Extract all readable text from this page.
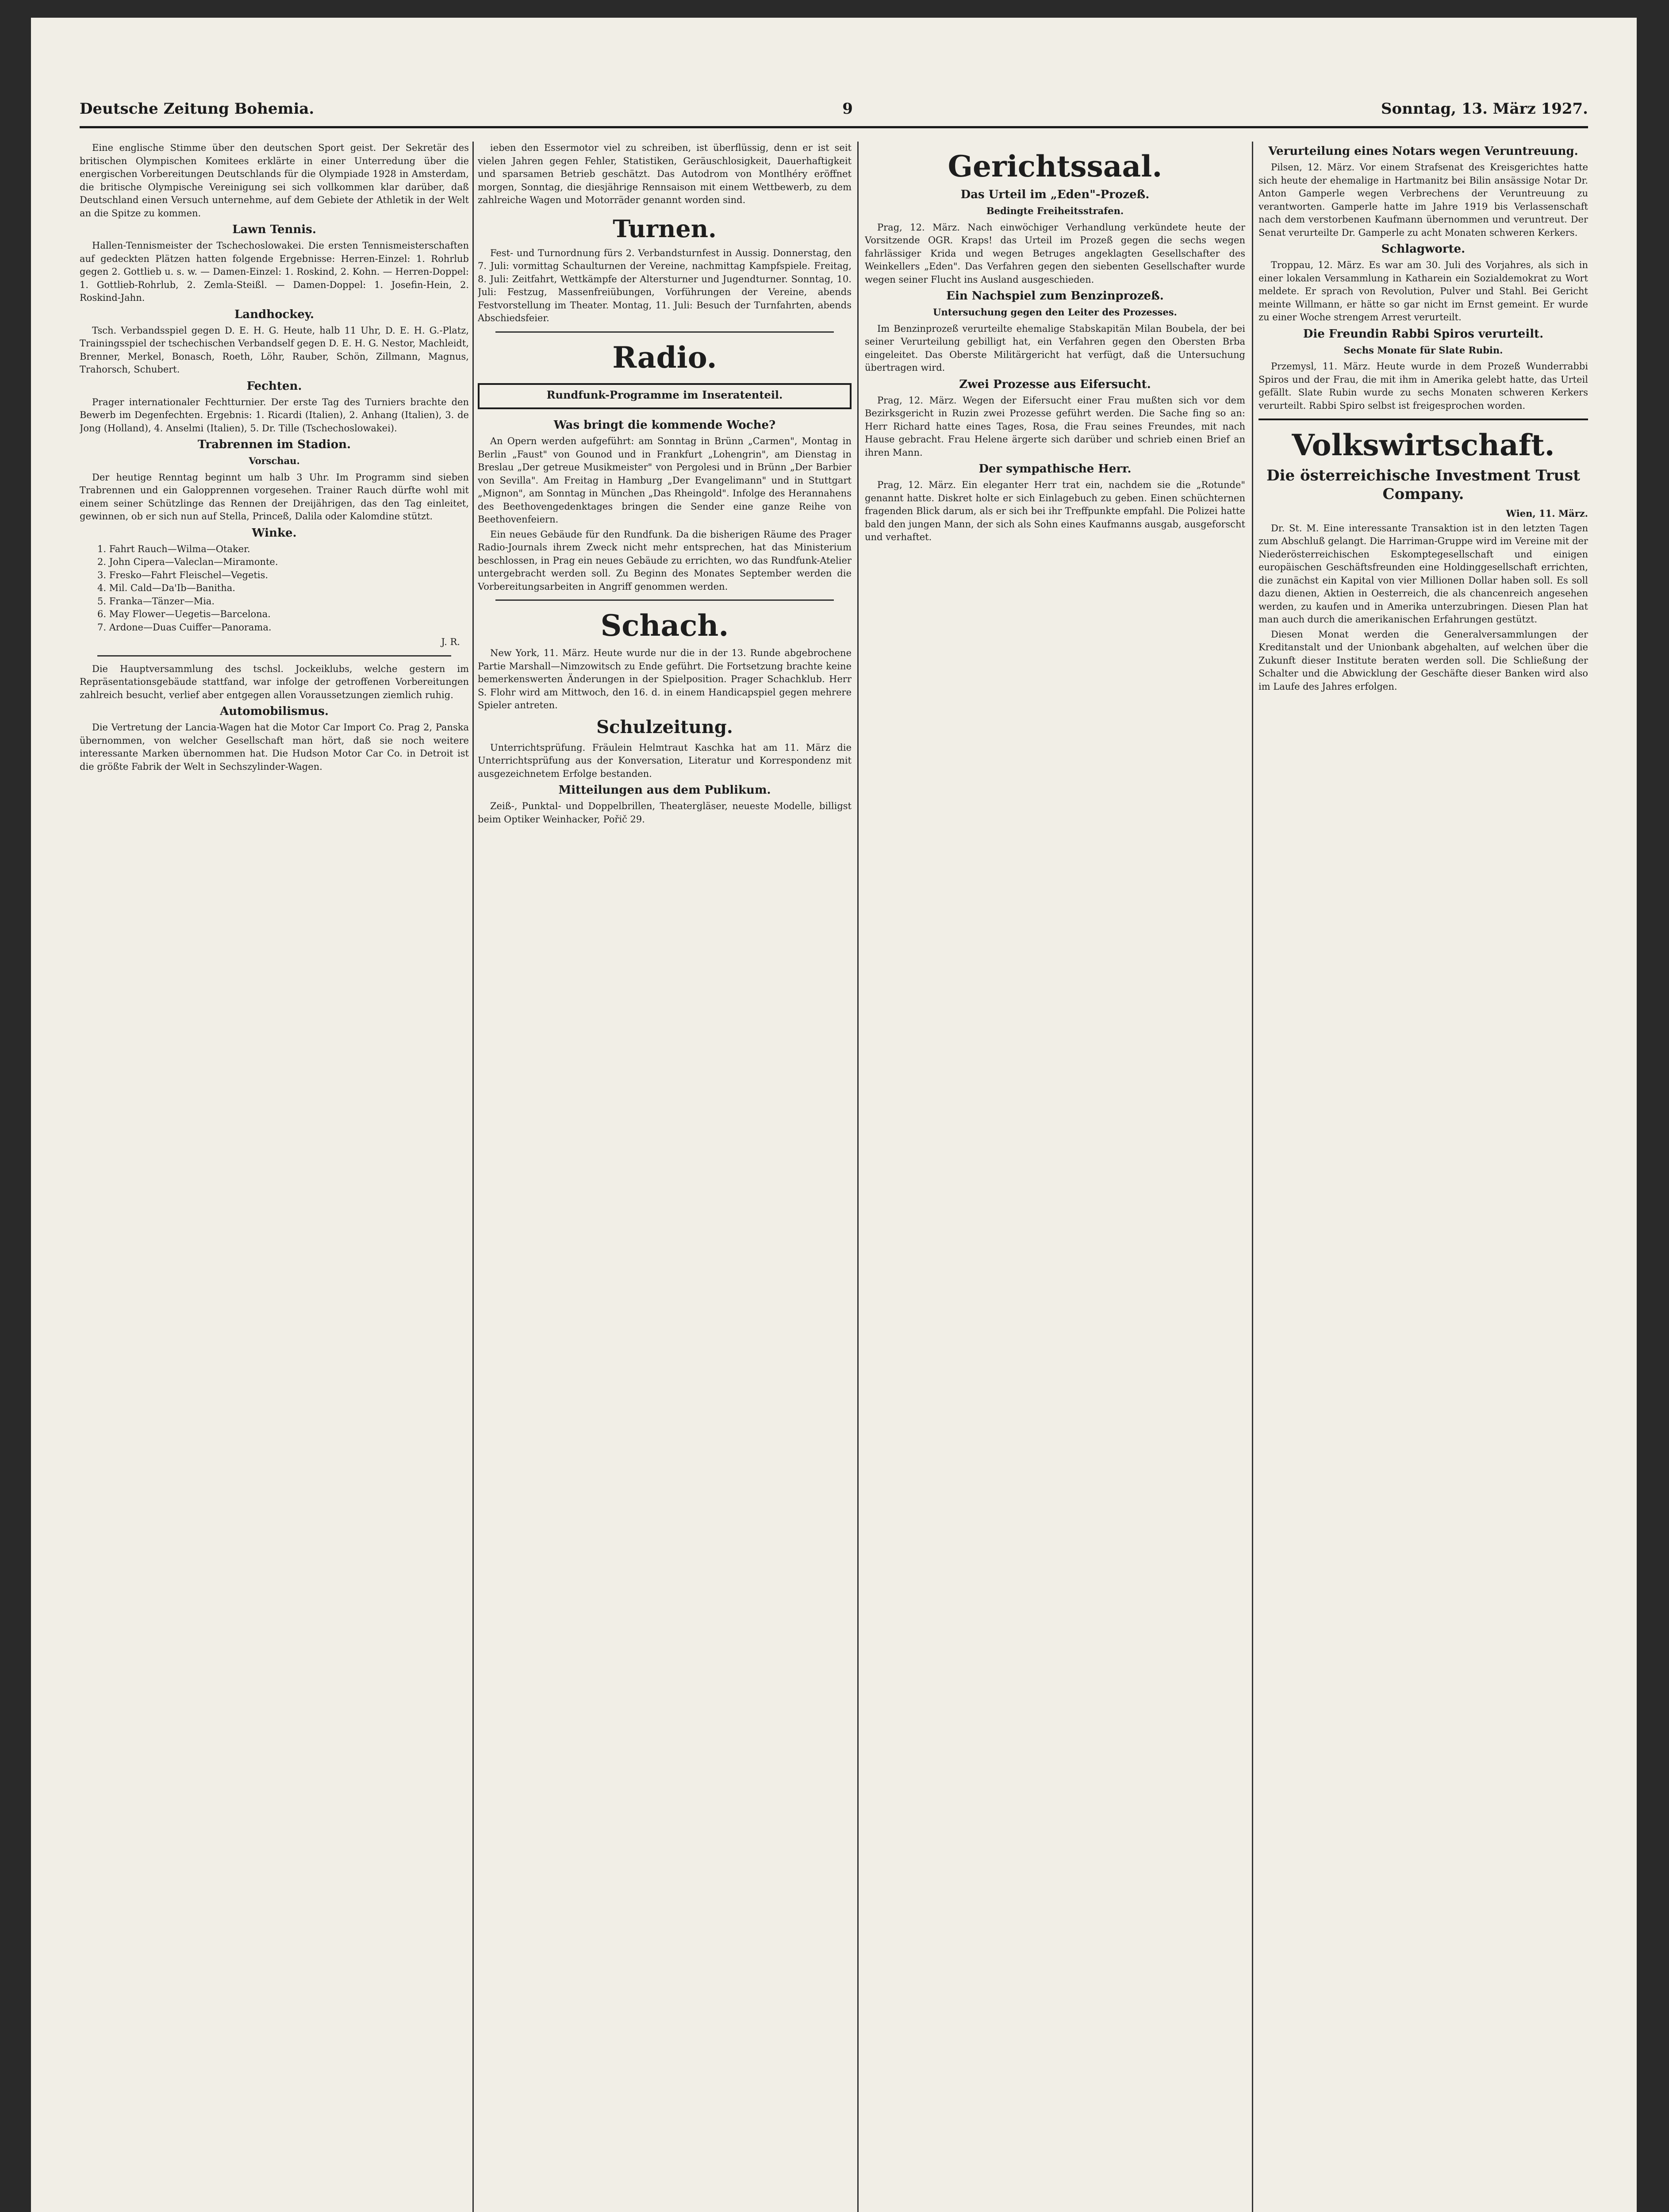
Deutsche Zeitung Bohemia.	9	Sonntag, 13. März 1927.

Eine englische Stimme über den deutschen Sport geist. Der Sekretär des britischen Olympischen Komitees erklärte in einer Unterredung über die energischen Vorbereitungen Deutschlands für die Olympiade 1928 in Amsterdam, die britische Olympische Vereinigung sei sich vollkommen klar darüber, daß Deutschland einen Versuch unternehme, auf dem Gebiete der Athletik in der Welt an die Spitze zu kommen.

Lawn Tennis.

Hallen-Tennismeister der Tschechoslowakei. Die ersten Tennismeisterschaften auf gedeckten Plätzen hatten folgende Ergebnisse: Herren-Einzel: 1. Rohrlub gegen 2. Gottlieb u. s. w. — Damen-Einzel: 1. Roskind, 2. Kohn. — Herren-Doppel: 1. Gottlieb-Rohrlub, 2. Zemla-Steißl. — Damen-Doppel: 1. Josefin-Hein, 2. Roskind-Jahn.

Landhockey.

Tsch. Verbandsspiel gegen D. E. H. G. Heute, halb 11 Uhr, D. E. H. G.-Platz, Trainingsspiel der tschechischen Verbandself gegen D. E. H. G. Nestor, Machleidt, Brenner, Merkel, Bonasch, Roeth, Löhr, Rauber, Schön, Zillmann, Magnus, Trahorsch, Schubert.

Fechten.

Prager internationaler Fechtturnier. Der erste Tag des Turniers brachte den Bewerb im Degenfechten. Ergebnis: 1. Ricardi (Italien), 2. Anhang (Italien), 3. de Jong (Holland), 4. Anselmi (Italien), 5. Dr. Tille (Tschechoslowakei).

Trabrennen im Stadion.
Vorschau.

Der heutige Renntag beginnt um halb 3 Uhr. Im Programm sind sieben Trabrennen und ein Galopprennen vorgesehen. Trainer Rauch dürfte wohl mit einem seiner Schützlinge das Rennen der Dreijährigen, das den Tag einleitet, gewinnen, ob er sich nun auf Stella, Princeß, Dalila oder Kalomdine stützt.

Winke.
1. Fahrt Rauch—Wilma—Otaker.
2. John Cipera—Valeclan—Miramonte.
3. Fresko—Fahrt Fleischel—Vegetis.
4. Mil. Cald—Da'Ib—Banitha.
5. Franka—Tänzer—Mia.
6. May Flower—Uegetis—Barcelona.
7. Ardone—Duas Cuiffer—Panorama.
J. R.

Die Hauptversammlung des tschsl. Jockeiklubs, welche gestern im Repräsentationsgebäude stattfand, war infolge der getroffenen Vorbereitungen zahlreich besucht, verlief aber entgegen allen Voraussetzungen ziemlich ruhig.

Automobilismus.

Die Vertretung der Lancia-Wagen hat die Motor Car Import Co. Prag 2, Panska übernommen, von welcher Gesellschaft man hört, daß sie noch weitere interessante Marken übernommen hat. Die Hudson Motor Car Co. in Detroit ist die größte Fabrik der Welt in Sechszylinder-Wagen.

ieben den Essermotor viel zu schreiben, ist überflüssig, denn er ist seit vielen Jahren gegen Fehler, Statistiken, Geräuschlosigkeit, Dauerhaftigkeit und sparsamen Betrieb geschätzt. Das Autodrom von Montlhéry eröffnet morgen, Sonntag, die diesjährige Rennsaison mit einem Wettbewerb, zu dem zahlreiche Wagen und Motorräder genannt worden sind.

Turnen.

Fest- und Turnordnung fürs 2. Verbandsturnfest in Aussig. Donnerstag, den 7. Juli: vormittag Schaulturnen der Vereine, nachmittag Kampfspiele. Freitag, 8. Juli: Zeitfahrt, Wettkämpfe der Altersturner und Jugendturner. Sonntag, 10. Juli: Festzug, Massenfreiübungen, Vorführungen der Vereine, abends Festvorstellung im Theater. Montag, 11. Juli: Besuch der Turnfahrten, abends Abschiedsfeier.

Radio.
Rundfunk-Programme im Inseratenteil.
Was bringt die kommende Woche?

An Opern werden aufgeführt: am Sonntag in Brünn „Carmen", Montag in Berlin „Faust" von Gounod und in Frankfurt „Lohengrin", am Dienstag in Breslau „Der getreue Musikmeister" von Pergolesi und in Brünn „Der Barbier von Sevilla". Am Freitag in Hamburg „Der Evangelimann" und in Stuttgart „Mignon", am Sonntag in München „Das Rheingold". Infolge des Herannahens des Beethovengedenktages bringen die Sender eine ganze Reihe von Beethovenfeiern.

Ein neues Gebäude für den Rundfunk. Da die bisherigen Räume des Prager Radio-Journals ihrem Zweck nicht mehr entsprechen, hat das Ministerium beschlossen, in Prag ein neues Gebäude zu errichten, wo das Rundfunk-Atelier untergebracht werden soll. Zu Beginn des Monates September werden die Vorbereitungsarbeiten in Angriff genommen werden.

Schach.

New York, 11. März. Heute wurde nur die in der 13. Runde abgebrochene Partie Marshall—Nimzowitsch zu Ende geführt. Die Fortsetzung brachte keine bemerkenswerten Änderungen in der Spielposition. Prager Schachklub. Herr S. Flohr wird am Mittwoch, den 16. d. in einem Handicapspiel gegen mehrere Spieler antreten.

Schulzeitung.

Unterrichtsprüfung. Fräulein Helmtraut Kaschka hat am 11. März die Unterrichtsprüfung aus der Konversation, Literatur und Korrespondenz mit ausgezeichnetem Erfolge bestanden.

Mitteilungen aus dem Publikum.

Zeiß-, Punktal- und Doppelbrillen, Theatergläser, neueste Modelle, billigst beim Optiker Weinhacker, Pořič 29.

Gerichtssaal.
Das Urteil im „Eden"-Prozeß.
Bedingte Freiheitsstrafen.

Prag, 12. März. Nach einwöchiger Verhandlung verkündete heute der Vorsitzende OGR. Kraps! das Urteil im Prozeß gegen die sechs wegen fahrlässiger Krida und wegen Betruges angeklagten Gesellschafter des Weinkellers „Eden". Das Verfahren gegen den siebenten Gesellschafter wurde wegen seiner Flucht ins Ausland ausgeschieden.

Ein Nachspiel zum Benzinprozeß.
Untersuchung gegen den Leiter des Prozesses.

Im Benzinprozeß verurteilte ehemalige Stabskapitän Milan Boubela, der bei seiner Verurteilung gebilligt hat, ein Verfahren gegen den Obersten Brba eingeleitet. Das Oberste Militärgericht hat verfügt, daß die Untersuchung übertragen wird.

Zwei Prozesse aus Eifersucht.

Prag, 12. März. Wegen der Eifersucht einer Frau mußten sich vor dem Bezirksgericht in Ruzin zwei Prozesse geführt werden. Die Sache fing so an: Herr Richard hatte eines Tages, Rosa, die Frau seines Freundes, mit nach Hause gebracht. Frau Helene ärgerte sich darüber und schrieb einen Brief an ihren Mann.

Der sympathische Herr.

Prag, 12. März. Ein eleganter Herr trat ein, nachdem sie die „Rotunde" genannt hatte. Diskret holte er sich Einlagebuch zu geben. Einen schüchternen fragenden Blick darum, als er sich bei ihr Treffpunkte empfahl. Die Polizei hatte bald den jungen Mann, der sich als Sohn eines Kaufmanns ausgab, ausgeforscht und verhaftet.

Verurteilung eines Notars wegen Veruntreuung.

Pilsen, 12. März. Vor einem Strafsenat des Kreisgerichtes hatte sich heute der ehemalige in Hartmanitz bei Bilin ansässige Notar Dr. Anton Gamperle wegen Verbrechens der Veruntreuung zu verantworten. Gamperle hatte im Jahre 1919 bis Verlassenschaft nach dem verstorbenen Kaufmann übernommen und veruntreut. Der Senat verurteilte Dr. Gamperle zu acht Monaten schweren Kerkers.

Schlagworte.

Troppau, 12. März. Es war am 30. Juli des Vorjahres, als sich in einer lokalen Versammlung in Katharein ein Sozialdemokrat zu Wort meldete. Er sprach von Revolution, Pulver und Stahl. Bei Gericht meinte Willmann, er hätte so gar nicht im Ernst gemeint. Er wurde zu einer Woche strengem Arrest verurteilt.

Die Freundin Rabbi Spiros verurteilt.
Sechs Monate für Slate Rubin.

Przemysl, 11. März. Heute wurde in dem Prozeß Wunderrabbi Spiros und der Frau, die mit ihm in Amerika gelebt hatte, das Urteil gefällt. Slate Rubin wurde zu sechs Monaten schweren Kerkers verurteilt. Rabbi Spiro selbst ist freigesprochen worden.

Volkswirtschaft.
Die österreichische Investment Trust Company.
Wien, 11. März.

Dr. St. M. Eine interessante Transaktion ist in den letzten Tagen zum Abschluß gelangt. Die Harriman-Gruppe wird im Vereine mit der Niederösterreichischen Eskomptegesellschaft und einigen europäischen Geschäftsfreunden eine Holdinggesellschaft errichten, die zunächst ein Kapital von vier Millionen Dollar haben soll. Es soll dazu dienen, Aktien in Oesterreich, die als chancenreich angesehen werden, zu kaufen und in Amerika unterzubringen. Diesen Plan hat man auch durch die amerikanischen Erfahrungen gestützt.

Diesen Monat werden die Generalversammlungen der Kreditanstalt und der Unionbank abgehalten, auf welchen über die Zukunft dieser Institute beraten werden soll. Die Schließung der Schalter und die Abwicklung der Geschäfte dieser Banken wird also im Laufe des Jahres erfolgen.
